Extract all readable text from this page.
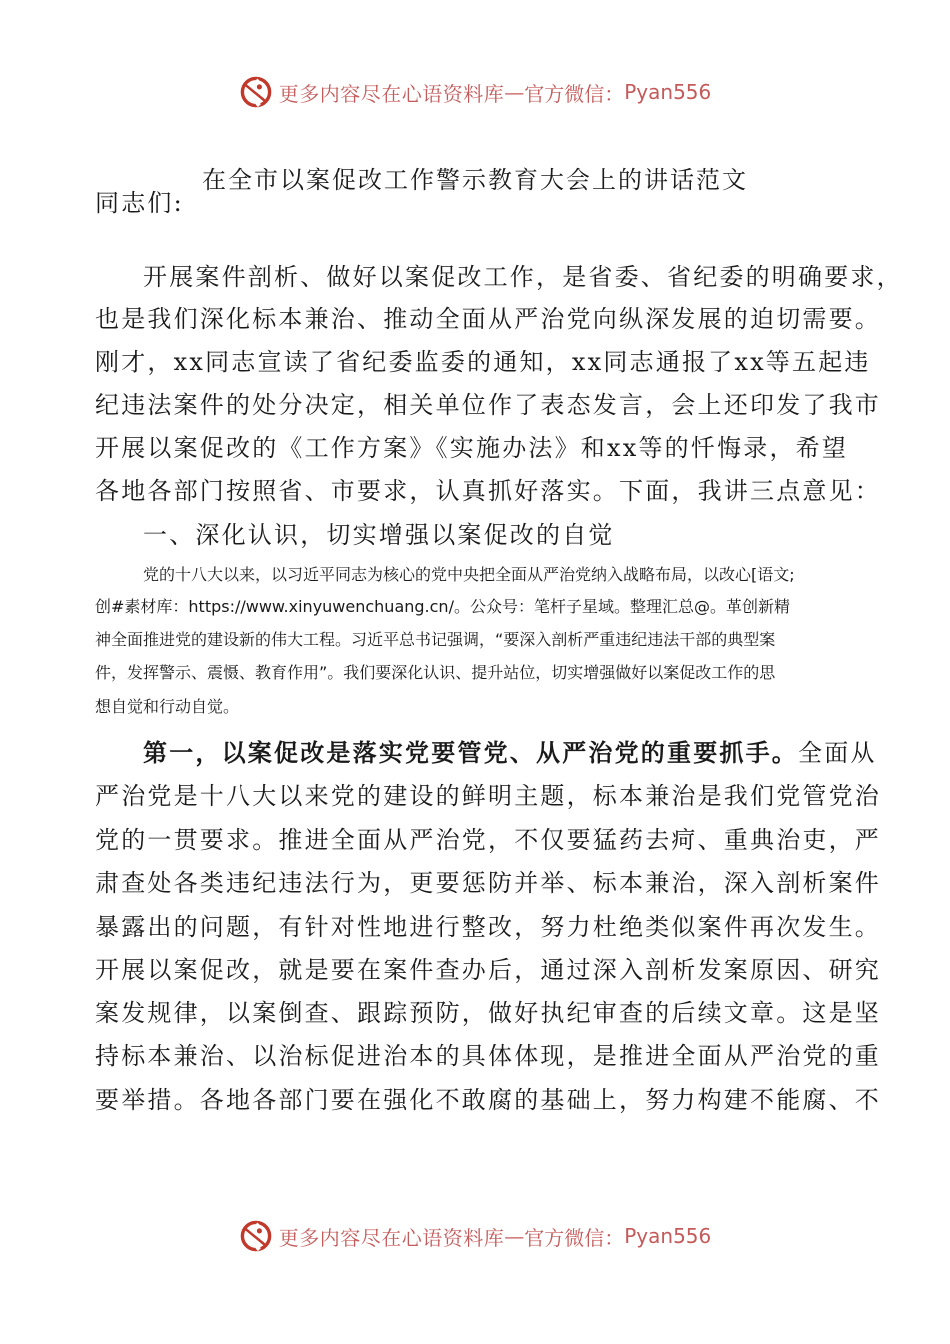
更多内容尽在心语资料库 — 官方微信： Pyan556
在全市以案促改工作警示教育大会上的讲话范文
同志们:
开展案件剖析、做好以案促改工作，是省委、省纪委的明确要求，
也是我们深化标本兼治、推动全面从严治党向纵深发展的迫切需要。
刚才，xx同志宣读了省纪委监委的通知，xx同志通报了xx等五起违
纪违法案件的处分决定，相关单位作了表态发言，会上还印发了我市
开展以案促改的《工作方案》《实施办法》和xx等的忏悔录，希望
各地各部门按照省、市要求，认真抓好落实。下面，我讲三点意见：
一、深化认识，切实增强以案促改的自觉
党的十八大以来，以习近平同志为核心的党中央把全面从严治党纳入战略布局，以改心[语文;
创#素材库：https://www.xinyuwenchuang.cn/。公众号：笔杆子星域。整理汇总@。革创新精
神全面推进党的建设新的伟大工程。习近平总书记强调，“要深入剖析严重违纪违法干部的典型案
件，发挥警示、震慑、教育作用”。我们要深化认识、提升站位，切实增强做好以案促改工作的思
想自觉和行动自觉。
第一，以案促改是落实党要管党、从严治党的重要抓手。全面从
严治党是十八大以来党的建设的鲜明主题，标本兼治是我们党管党治
党的一贯要求。推进全面从严治党，不仅要猛药去疴、重典治吏，严
肃查处各类违纪违法行为，更要惩防并举、标本兼治，深入剖析案件
暴露出的问题，有针对性地进行整改，努力杜绝类似案件再次发生。
开展以案促改，就是要在案件查办后，通过深入剖析发案原因、研究
案发规律，以案倒查、跟踪预防，做好执纪审查的后续文章。这是坚
持标本兼治、以治标促进治本的具体体现，是推进全面从严治党的重
要举措。各地各部门要在强化不敢腐的基础上，努力构建不能腐、不
更多内容尽在心语资料库 — 官方微信： Pyan556
